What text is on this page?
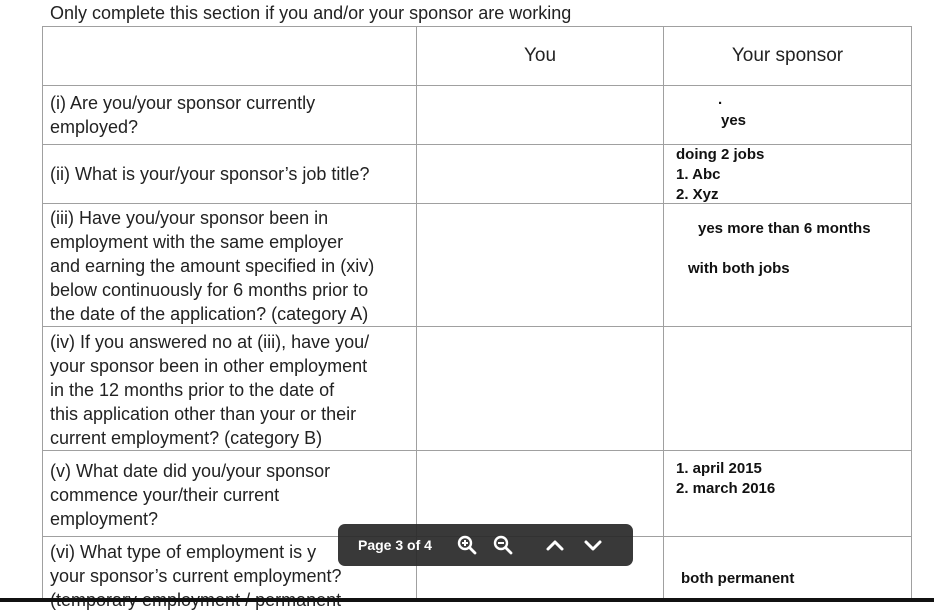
Only complete this section if you and/or your sponsor are working
You	Your sponsor
(i) Are you/your sponsor currently
employed?
.
yes
(ii) What is your/your sponsor’s job title?
doing 2 jobs
1. Abc
2. Xyz
(iii) Have you/your sponsor been in
employment with the same employer
and earning the amount specified in (xiv)
below continuously for 6 months prior to
the date of the application? (category A)
yes more than 6 months
with both jobs
(iv) If you answered no at (iii), have you/
your sponsor been in other employment
in the 12 months prior to the date of
this application other than your or their
current employment? (category B)
(v) What date did you/your sponsor
commence your/their current
employment?
1. april 2015
2. march 2016
(vi) What type of employment is y
your sponsor’s current employment?	both permanent
Page 3 of 4
